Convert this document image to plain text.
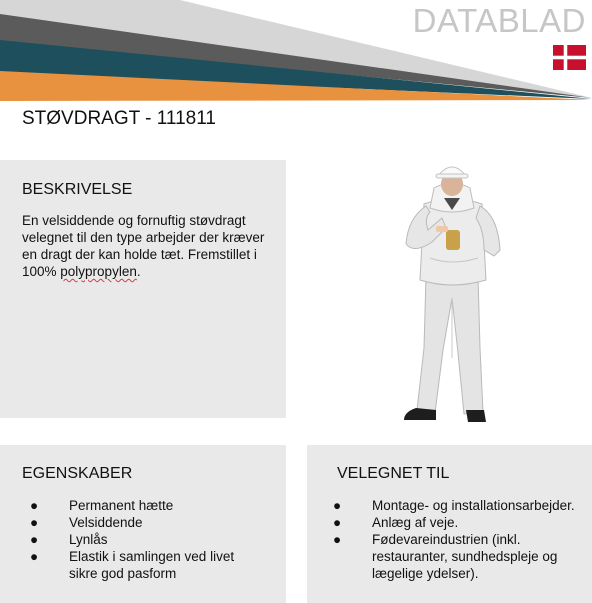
DATABLAD
STØVDRAGT - 111811
BESKRIVELSE
En velsiddende og fornuftig støvdragt velegnet til den type arbejder der kræver en dragt der kan holde tæt. Fremstillet i 100% polypropylen.
EGENSKABER
● Permanent hætte
● Velsiddende
● Lynlås
● Elastik i samlingen ved livet sikre god pasform
VELEGNET TIL
● Montage- og installationsarbejder.
● Anlæg af veje.
● Fødevareindustrien (inkl. restauranter, sundhedspleje og lægelige ydelser).
